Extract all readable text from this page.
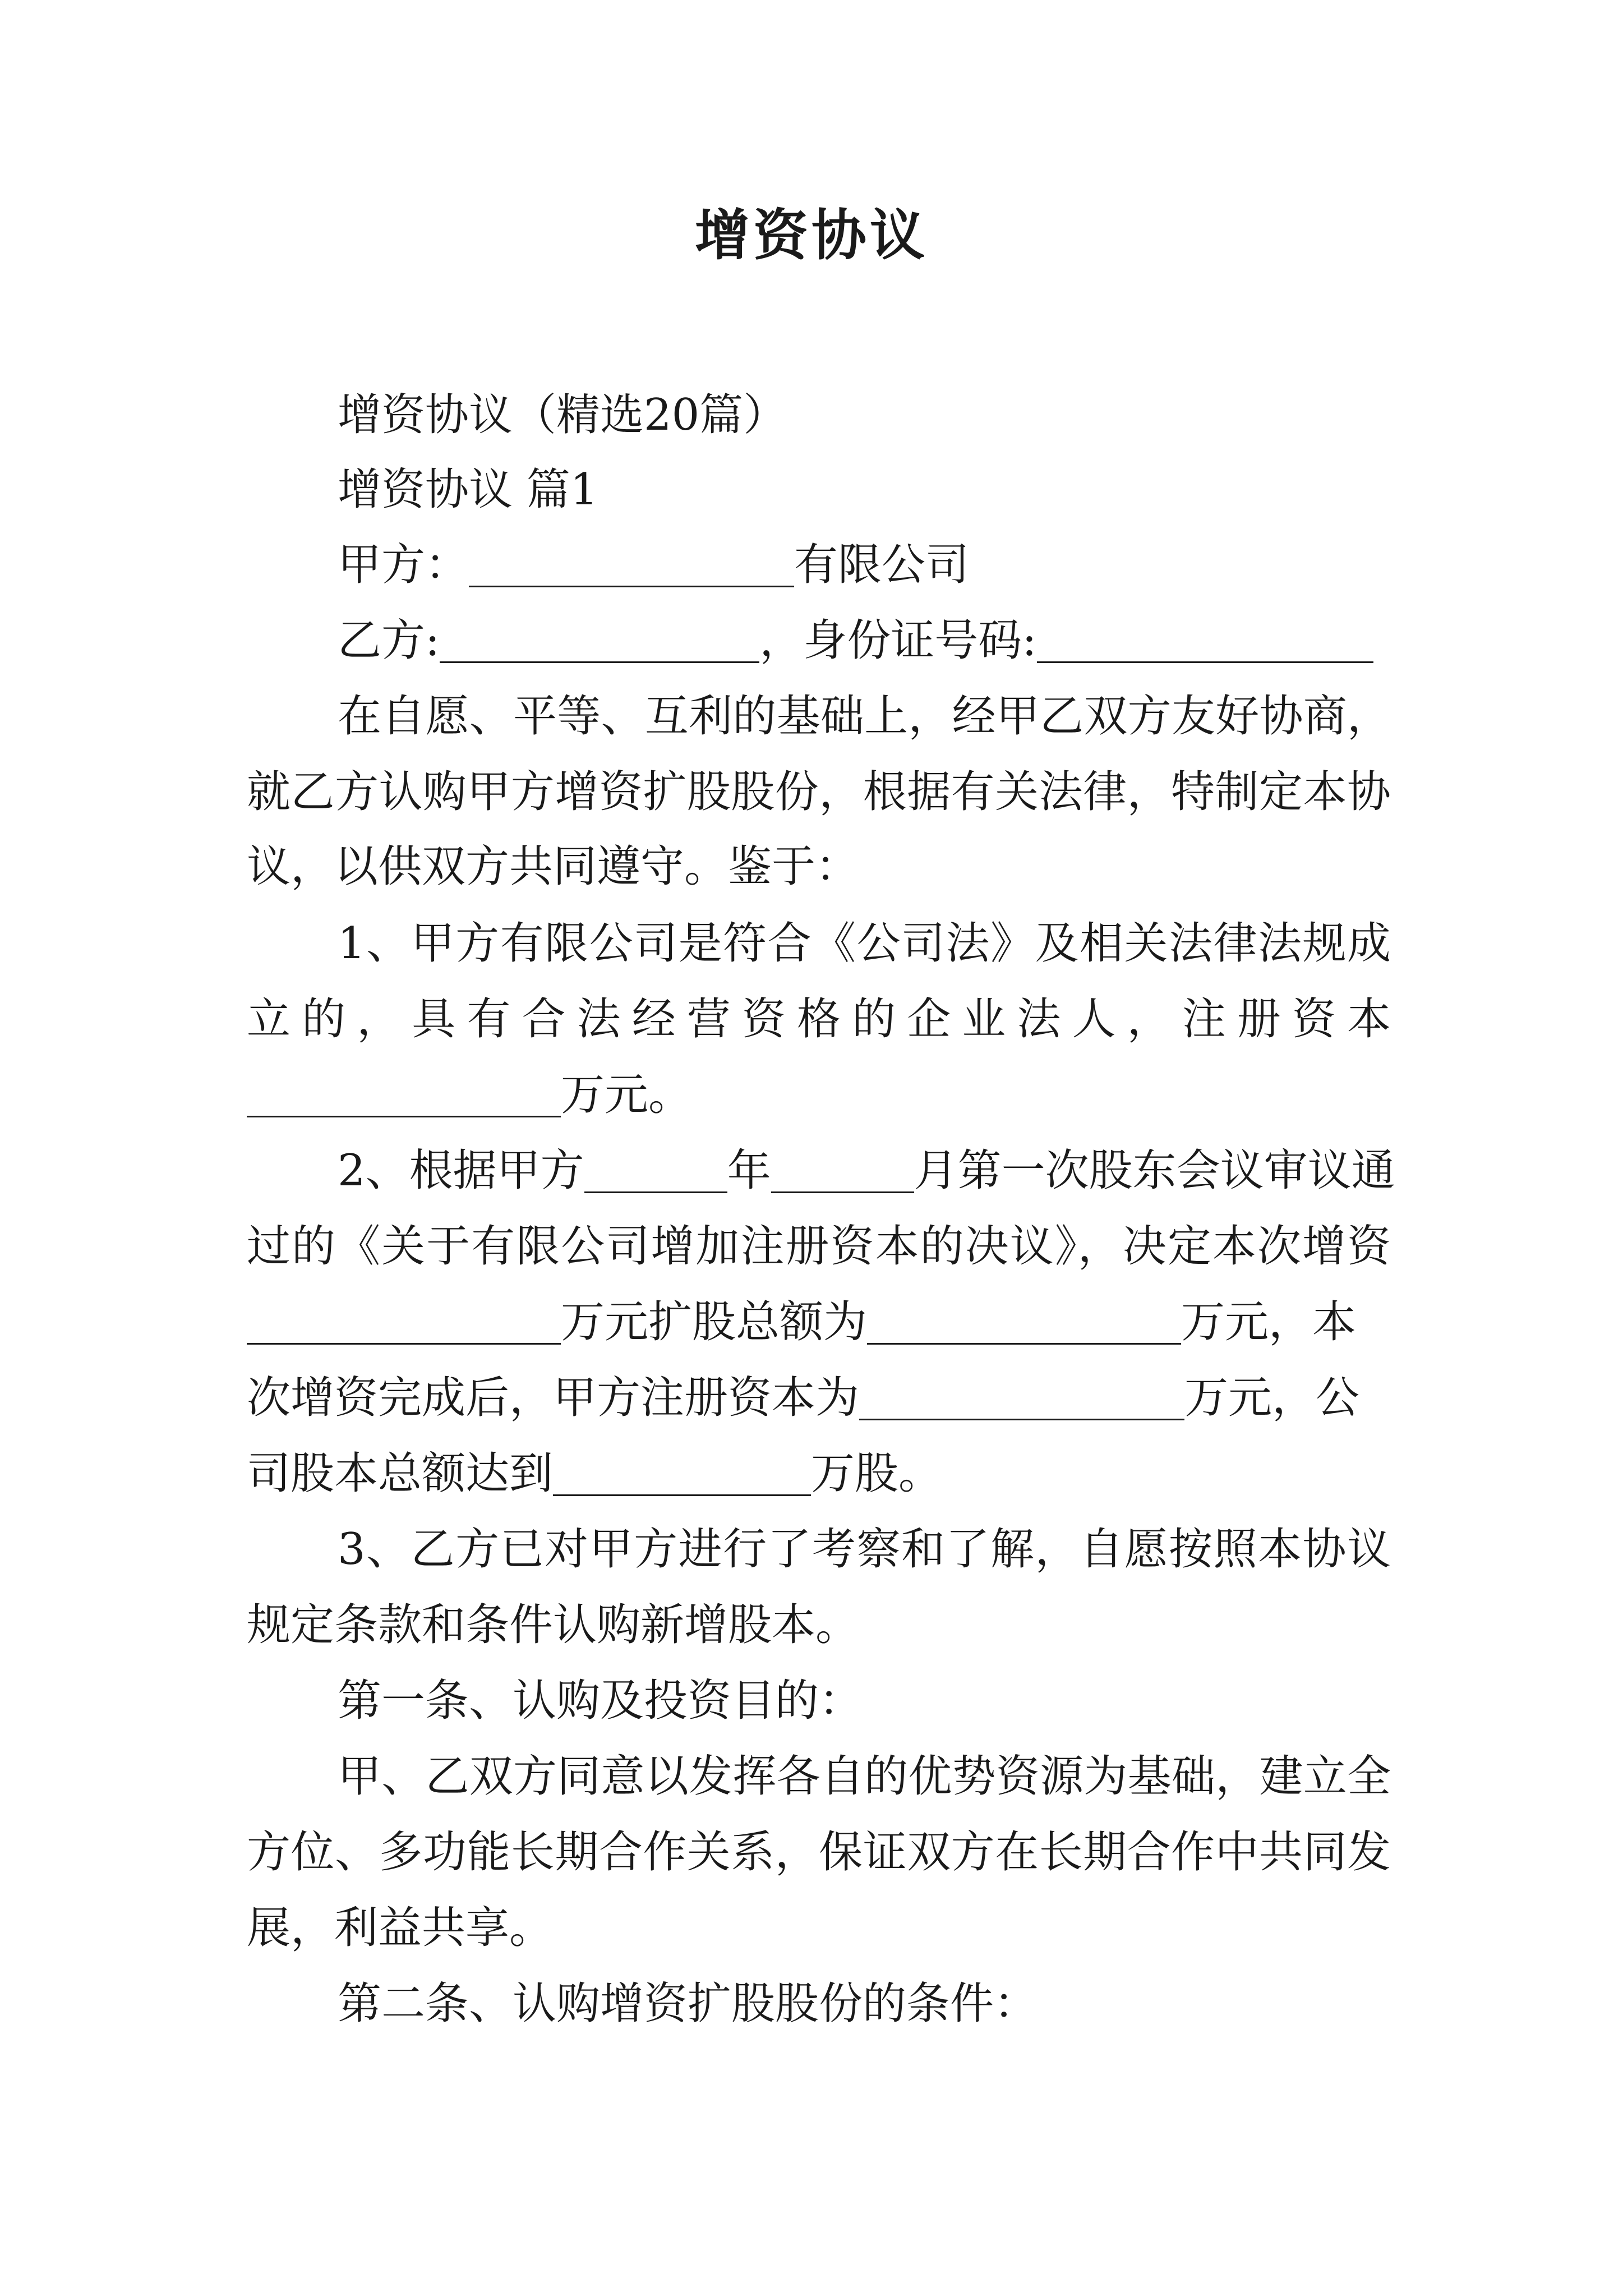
增资协议
增资协议（精选20篇）
增资协议 篇1
甲方：	有限公司
乙方:	，身份证号码:
在自愿、平等、互利的基础上，经甲乙双方友好协商，
就乙方认购甲方增资扩股股份，根据有关法律，特制定本协
议，以供双方共同遵守。鉴于：
1、甲方有限公司是符合《公司法》及相关法律法规成
立的，具有合法经营资格的企业法人，注册资本
万元。
2、根据甲方	年	月第一次股东会议审议通
过的《关于有限公司增加注册资本的决议》，决定本次增资
万元扩股总额为	万元，本
次增资完成后，甲方注册资本为	万元，公
司股本总额达到	万股。
3、乙方已对甲方进行了考察和了解，自愿按照本协议
规定条款和条件认购新增股本。
第一条、认购及投资目的：
甲、乙双方同意以发挥各自的优势资源为基础，建立全
方位、多功能长期合作关系，保证双方在长期合作中共同发
展，利益共享。
第二条、认购增资扩股股份的条件：
